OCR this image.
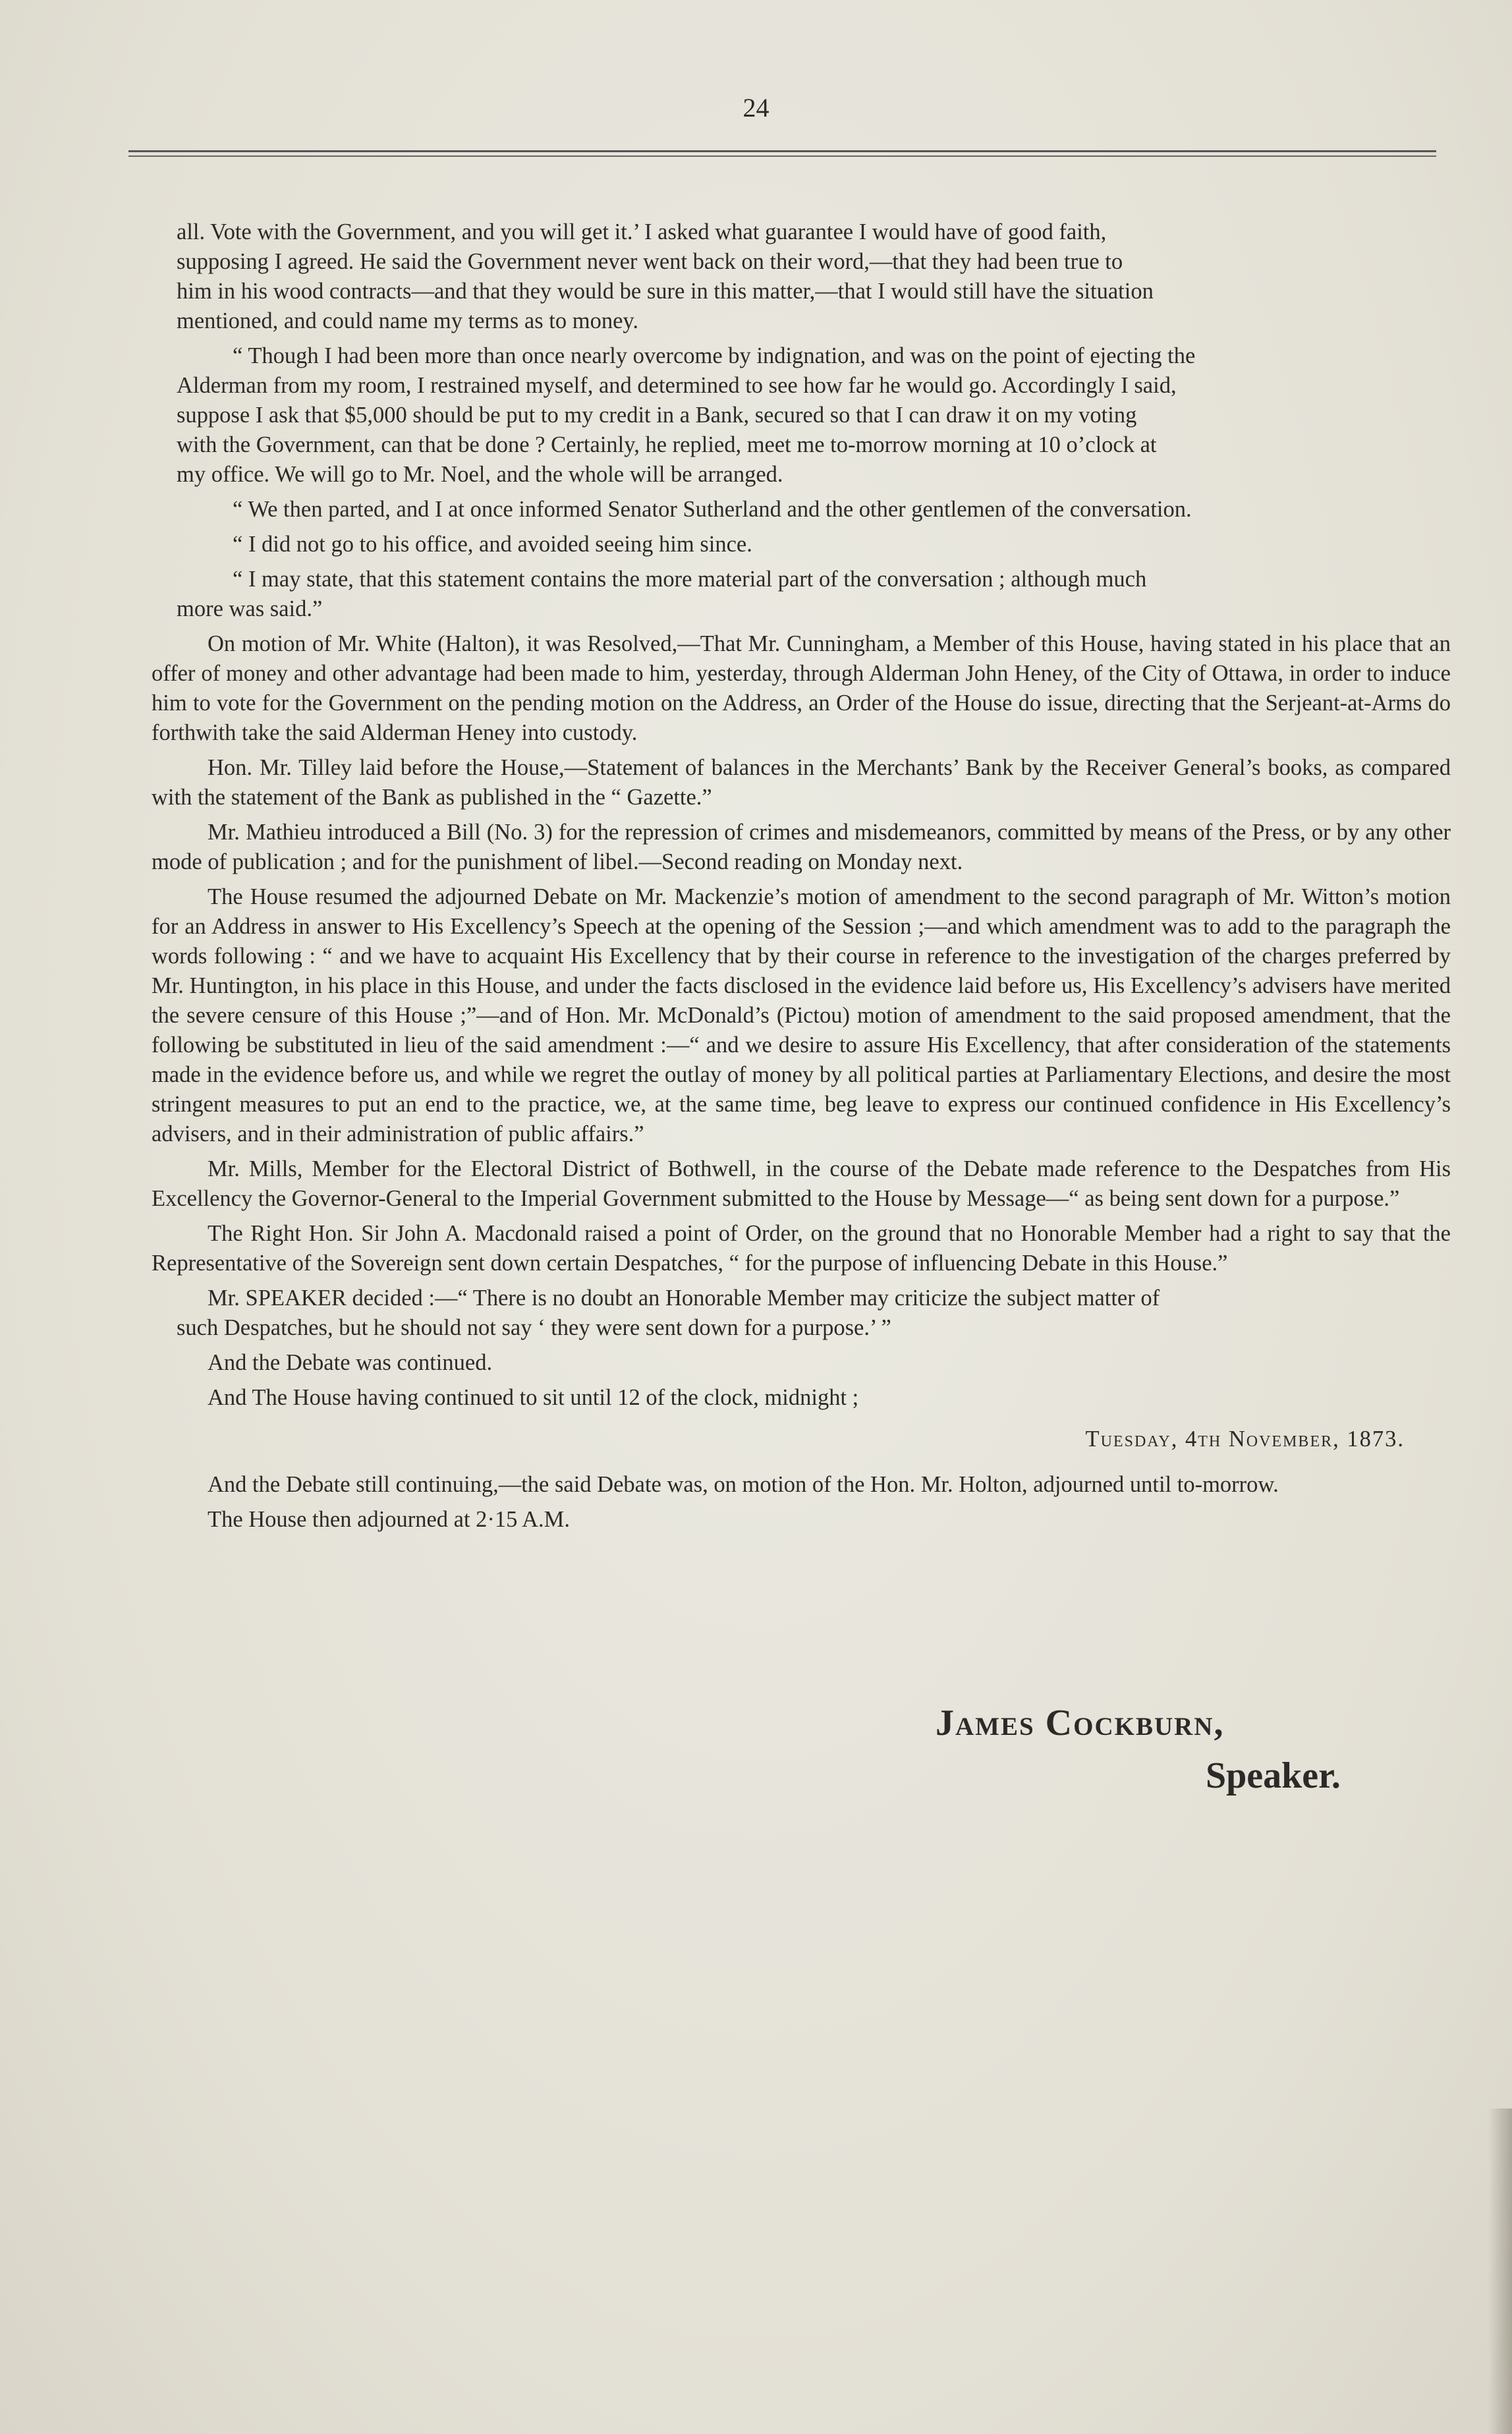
24
all. Vote with the Government, and you will get it.’ I asked what guarantee I would have of good faith,
supposing I agreed. He said the Government never went back on their word,—that they had been true to
him in his wood contracts—and that they would be sure in this matter,—that I would still have the situation
mentioned, and could name my terms as to money.
“ Though I had been more than once nearly overcome by indignation, and was on the point of ejecting the
Alderman from my room, I restrained myself, and determined to see how far he would go. Accordingly I said,
suppose I ask that $5,000 should be put to my credit in a Bank, secured so that I can draw it on my voting
with the Government, can that be done ? Certainly, he replied, meet me to-morrow morning at 10 o’clock at
my office. We will go to Mr. Noel, and the whole will be arranged.
“ We then parted, and I at once informed Senator Sutherland and the other gentlemen of the conversation.
“ I did not go to his office, and avoided seeing him since.
“ I may state, that this statement contains the more material part of the conversation ; although much
more was said.”

On motion of Mr. White (Halton), it was Resolved,—That Mr. Cunningham, a Member of this House, having stated in his place that an offer of money and other advantage had been made to him, yesterday, through Alderman John Heney, of the City of Ottawa, in order to induce him to vote for the Government on the pending motion on the Address, an Order of the House do issue, directing that the Serjeant-at-Arms do forthwith take the said Alderman Heney into custody.

Hon. Mr. Tilley laid before the House,—Statement of balances in the Merchants’ Bank by the Receiver General’s books, as compared with the statement of the Bank as published in the “ Gazette.”

Mr. Mathieu introduced a Bill (No. 3) for the repression of crimes and misdemeanors, committed by means of the Press, or by any other mode of publication ; and for the punishment of libel.—Second reading on Monday next.

The House resumed the adjourned Debate on Mr. Mackenzie’s motion of amendment to the second paragraph of Mr. Witton’s motion for an Address in answer to His Excellency’s Speech at the opening of the Session ;—and which amendment was to add to the paragraph the words following : “ and we have to acquaint His Excellency that by their course in reference to the investigation of the charges preferred by Mr. Huntington, in his place in this House, and under the facts disclosed in the evidence laid before us, His Excellency’s advisers have merited the severe censure of this House ;”—and of Hon. Mr. McDonald’s (Pictou) motion of amendment to the said proposed amendment, that the following be substituted in lieu of the said amendment :—“ and we desire to assure His Excellency, that after consideration of the statements made in the evidence before us, and while we regret the outlay of money by all political parties at Parliamentary Elections, and desire the most stringent measures to put an end to the practice, we, at the same time, beg leave to express our continued confidence in His Excellency’s advisers, and in their administration of public affairs.”

Mr. Mills, Member for the Electoral District of Bothwell, in the course of the Debate made reference to the Despatches from His Excellency the Governor-General to the Imperial Government submitted to the House by Message—“ as being sent down for a purpose.”

The Right Hon. Sir John A. Macdonald raised a point of Order, on the ground that no Honorable Member had a right to say that the Representative of the Sovereign sent down certain Despatches, “ for the purpose of influencing Debate in this House.”

Mr. SPEAKER decided :—“ There is no doubt an Honorable Member may criticize the subject matter of
such Despatches, but he should not say ‘ they were sent down for a purpose.’ ”

And the Debate was continued.

And The House having continued to sit until 12 of the clock, midnight ;

Tuesday, 4th November, 1873.

And the Debate still continuing,—the said Debate was, on motion of the Hon. Mr. Holton, adjourned until to-morrow.

The House then adjourned at 2·15 A.M.

James Cockburn,
Speaker.
